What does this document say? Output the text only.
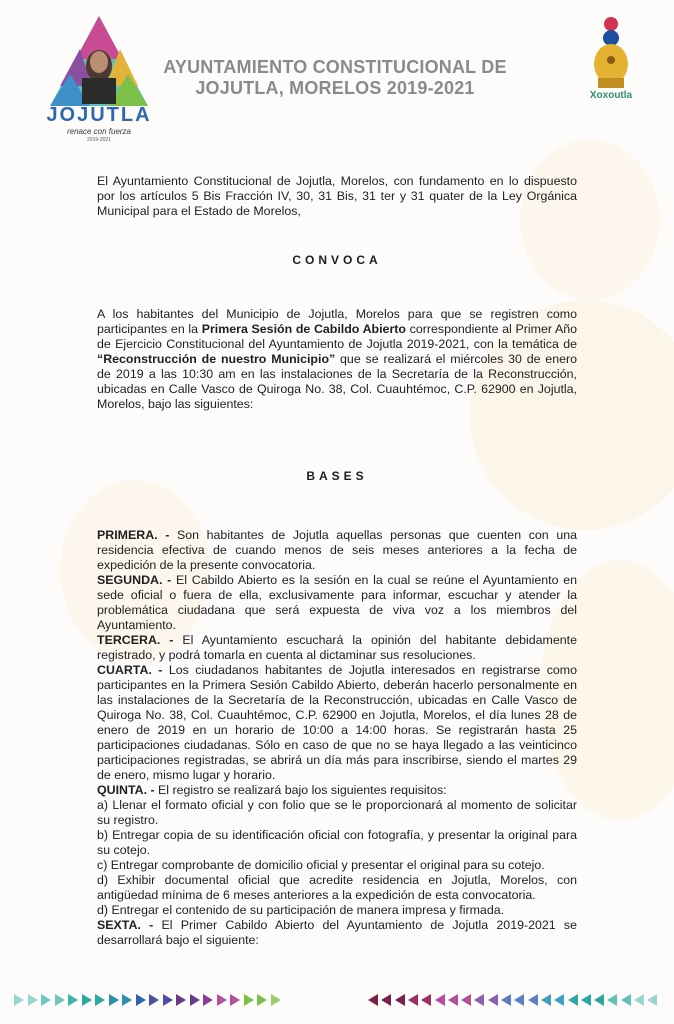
JOJUTLA
renace con fuerza
2019-2021
AYUNTAMIENTO CONSTITUCIONAL DE
JOJUTLA, MORELOS 2019-2021	Xoxoutla

El Ayuntamiento Constitucional de Jojutla, Morelos, con fundamento en lo dispuesto por los artículos 5 Bis Fracción IV, 30, 31 Bis, 31 ter y 31 quater de la Ley Orgánica Municipal para el Estado de Morelos,

CONVOCA

A los habitantes del Municipio de Jojutla, Morelos para que se registren como participantes en la Primera Sesión de Cabildo Abierto correspondiente al Primer Año de Ejercicio Constitucional del Ayuntamiento de Jojutla 2019-2021, con la temática de “Reconstrucción de nuestro Municipio” que se realizará el miércoles 30 de enero de 2019 a las 10:30 am en las instalaciones de la Secretaría de la Reconstrucción, ubicadas en Calle Vasco de Quiroga No. 38, Col. Cuauhtémoc, C.P. 62900 en Jojutla, Morelos, bajo las siguientes:

BASES

PRIMERA. - Son habitantes de Jojutla aquellas personas que cuenten con una residencia efectiva de cuando menos de seis meses anteriores a la fecha de expedición de la presente convocatoria.

SEGUNDA. - El Cabildo Abierto es la sesión en la cual se reúne el Ayuntamiento en sede oficial o fuera de ella, exclusivamente para informar, escuchar y atender la problemática ciudadana que será expuesta de viva voz a los miembros del Ayuntamiento.

TERCERA. - El Ayuntamiento escuchará la opinión del habitante debidamente registrado, y podrá tomarla en cuenta al dictaminar sus resoluciones.

CUARTA. - Los ciudadanos habitantes de Jojutla interesados en registrarse como participantes en la Primera Sesión Cabildo Abierto, deberán hacerlo personalmente en las instalaciones de la Secretaría de la Reconstrucción, ubicadas en Calle Vasco de Quiroga No. 38, Col. Cuauhtémoc, C.P. 62900 en Jojutla, Morelos, el día lunes 28 de enero de 2019 en un horario de 10:00 a 14:00 horas. Se registrarán hasta 25 participaciones ciudadanas. Sólo en caso de que no se haya llegado a las veinticinco participaciones registradas, se abrirá un día más para inscribirse, siendo el martes 29 de enero, mismo lugar y horario.

QUINTA. - El registro se realizará bajo los siguientes requisitos:

a) Llenar el formato oficial y con folio que se le proporcionará al momento de solicitar su registro.

b) Entregar copia de su identificación oficial con fotografía, y presentar la original para su cotejo.

c) Entregar comprobante de domicilio oficial y presentar el original para su cotejo.

d) Exhibir documental oficial que acredite residencia en Jojutla, Morelos, con antigüedad mínima de 6 meses anteriores a la expedición de esta convocatoria.

d) Entregar el contenido de su participación de manera impresa y firmada.

SEXTA. - El Primer Cabildo Abierto del Ayuntamiento de Jojutla 2019-2021 se desarrollará bajo el siguiente:
